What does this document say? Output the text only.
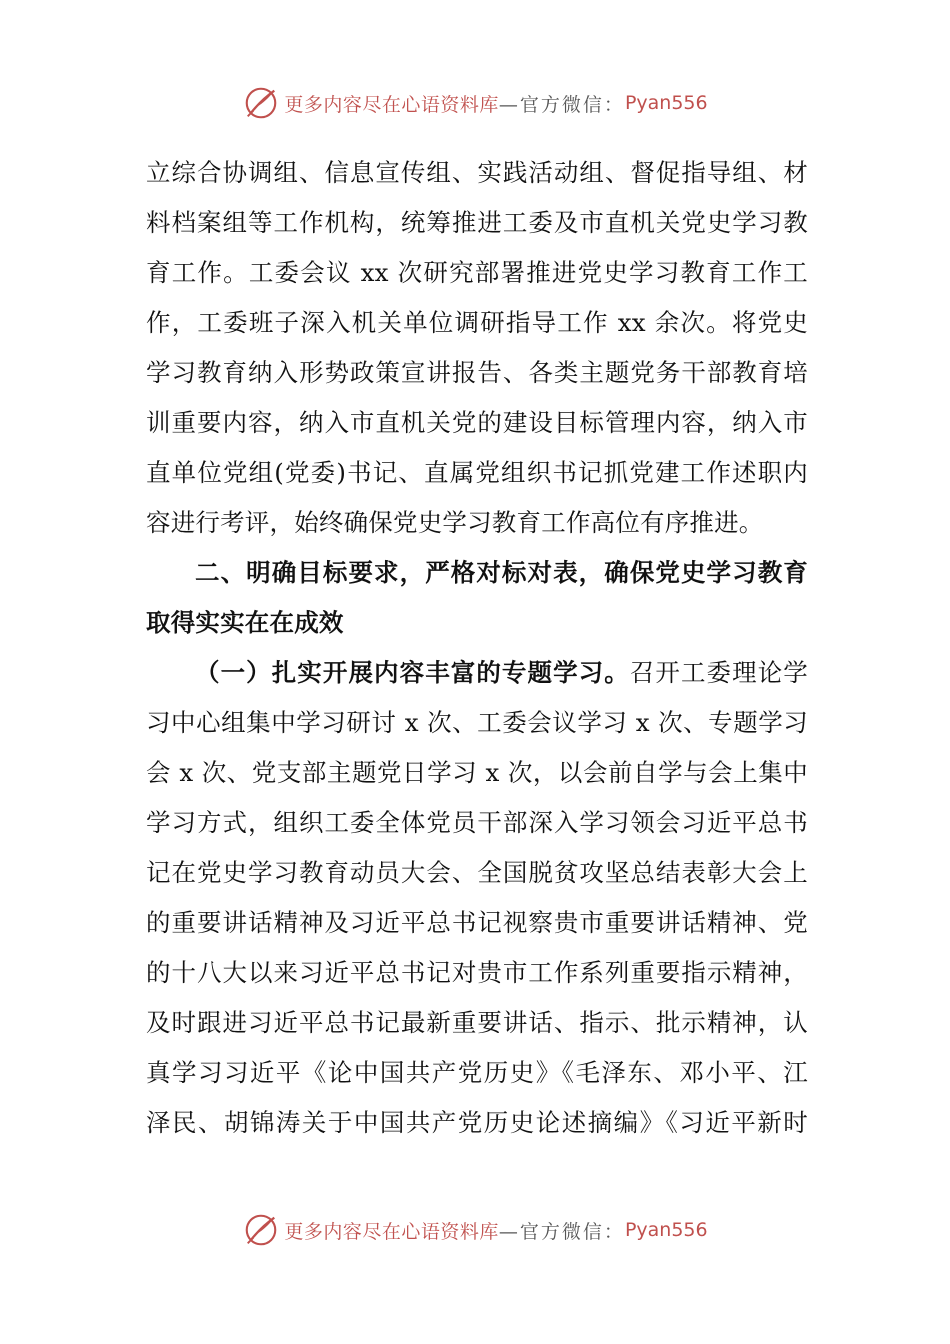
更多内容尽在心语资料库 —官方微信： Pyan556
立综合协调组、信息宣传组、实践活动组、督促指导组、材
料档案组等工作机构，统筹推进工委及市直机关党史学习教
育工作。工委会议 xx 次研究部署推进党史学习教育工作工
作，工委班子深入机关单位调研指导工作 xx 余次。将党史
学习教育纳入形势政策宣讲报告、各类主题党务干部教育培
训重要内容，纳入市直机关党的建设目标管理内容，纳入市
直单位党组(党委)书记、直属党组织书记抓党建工作述职内
容进行考评，始终确保党史学习教育工作高位有序推进。
二、明确目标要求，严格对标对表，确保党史学习教育
取得实实在在成效
（一）扎实开展内容丰富的专题学习。召开工委理论学
习中心组集中学习研讨 x 次、工委会议学习 x 次、专题学习
会 x 次、党支部主题党日学习 x 次，以会前自学与会上集中
学习方式，组织工委全体党员干部深入学习领会习近平总书
记在党史学习教育动员大会、全国脱贫攻坚总结表彰大会上
的重要讲话精神及习近平总书记视察贵市重要讲话精神、党
的十八大以来习近平总书记对贵市工作系列重要指示精神，
及时跟进习近平总书记最新重要讲话、指示、批示精神，认
真学习习近平《论中国共产党历史》《毛泽东、邓小平、江
泽民、胡锦涛关于中国共产党历史论述摘编》《习近平新时
更多内容尽在心语资料库 —官方微信： Pyan556
